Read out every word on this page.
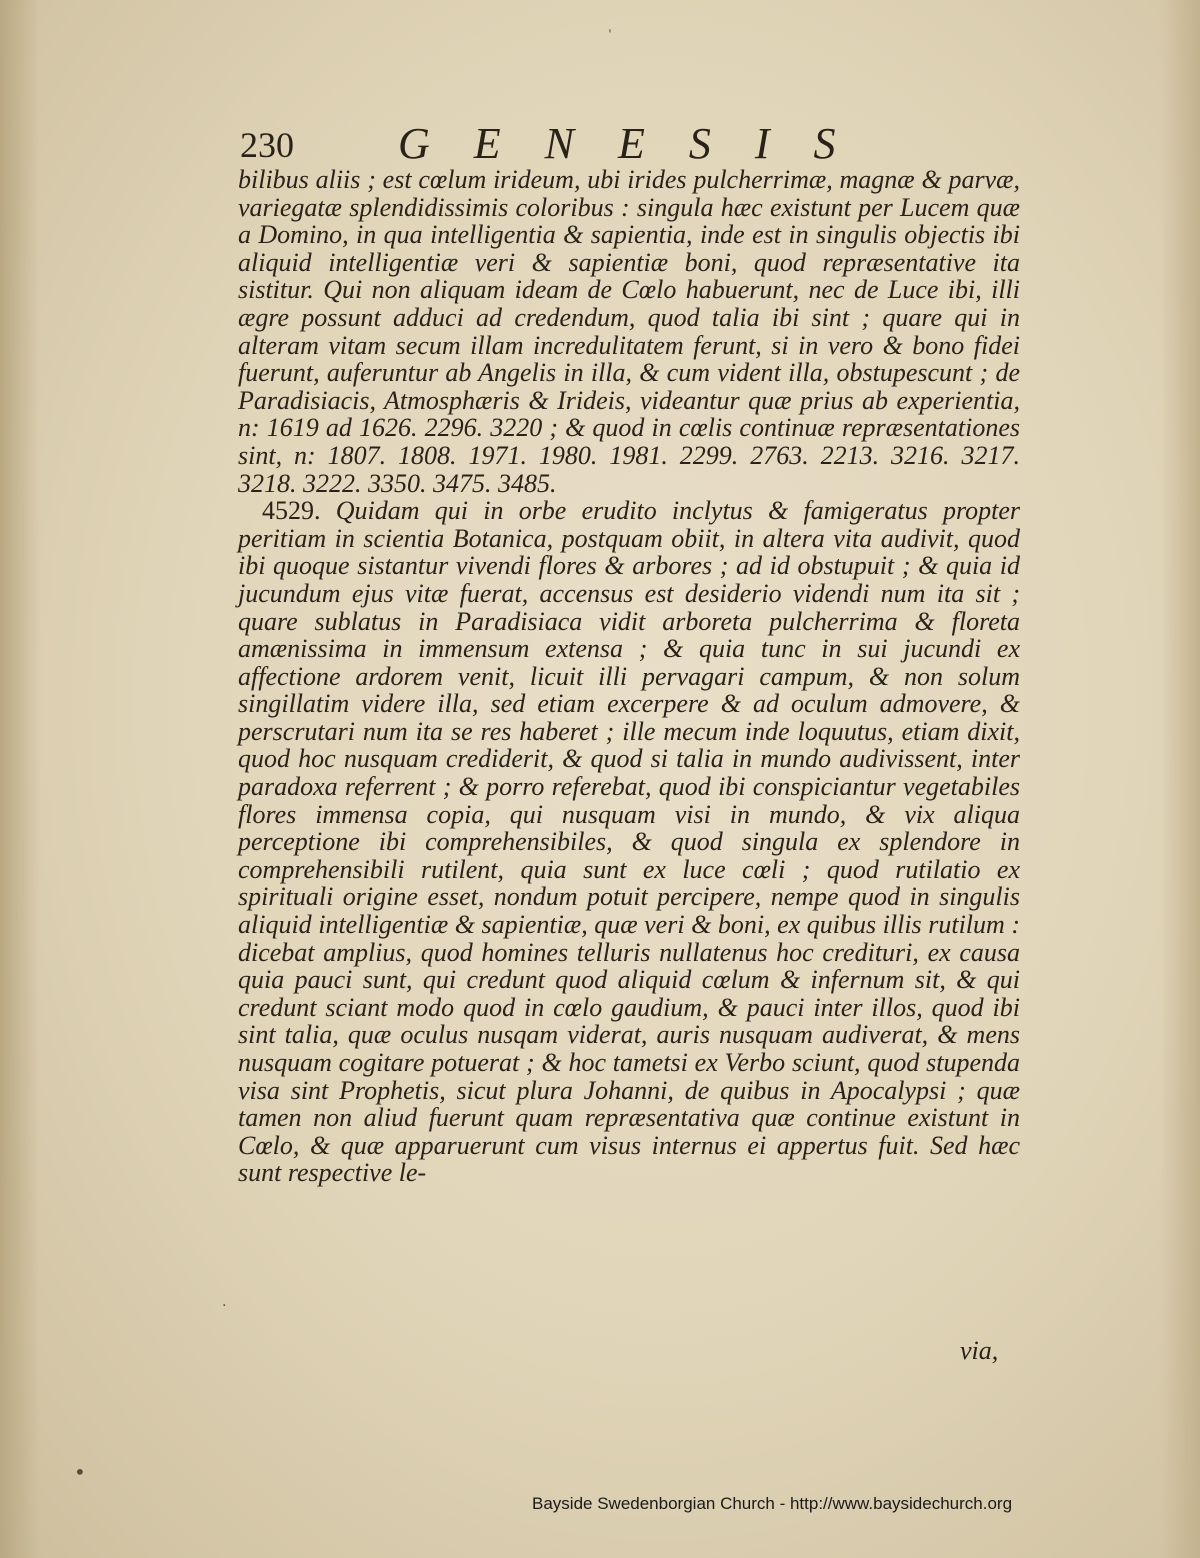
230 GENESIS

bilibus aliis ; est cœlum irideum, ubi irides pulcherrimæ, magnæ & parvæ, variegatæ splendidissimis coloribus : singula hæc existunt per Lucem quæ a Domino, in qua intelligentia & sapientia, inde est in singulis objectis ibi aliquid intelligentiæ veri & sapientiæ boni, quod repræsentative ita sistitur. Qui non aliquam ideam de Cœlo habuerunt, nec de Luce ibi, illi ægre possunt adduci ad credendum, quod talia ibi sint ; quare qui in alteram vitam secum illam incredulitatem ferunt, si in vero & bono fidei fuerunt, auferuntur ab Angelis in illa, & cum vident illa, obstupescunt ; de Paradisiacis, Atmosphæris & Irideis, videantur quæ prius ab experientia, n: 1619 ad 1626. 2296. 3220 ; & quod in cœlis continuæ repræsentationes sint, n: 1807. 1808. 1971. 1980. 1981. 2299. 2763. 2213. 3216. 3217. 3218. 3222. 3350. 3475. 3485.

4529. Quidam qui in orbe erudito inclytus & famigeratus propter peritiam in scientia Botanica, postquam obiit, in altera vita audivit, quod ibi quoque sistantur vivendi flores & arbores ; ad id obstupuit ; & quia id jucundum ejus vitæ fuerat, accensus est desiderio videndi num ita sit ; quare sublatus in Paradisiaca vidit arboreta pulcherrima & floreta amænissima in immensum extensa ; & quia tunc in sui jucundi ex affectione ardorem venit, licuit illi pervagari campum, & non solum singillatim videre illa, sed etiam excerpere & ad oculum admovere, & perscrutari num ita se res haberet ; ille mecum inde loquutus, etiam dixit, quod hoc nusquam crediderit, & quod si talia in mundo audivissent, inter paradoxa referrent ; & porro referebat, quod ibi conspiciantur vegetabiles flores immensa copia, qui nusquam visi in mundo, & vix aliqua perceptione ibi comprehensibiles, & quod singula ex splendore in comprehensibili rutilent, quia sunt ex luce cœli ; quod rutilatio ex spirituali origine esset, nondum potuit percipere, nempe quod in singulis aliquid intelligentiæ & sapientiæ, quæ veri & boni, ex quibus illis rutilum : dicebat amplius, quod homines telluris nullatenus hoc credituri, ex causa quia pauci sunt, qui credunt quod aliquid cœlum & infernum sit, & qui credunt sciant modo quod in cœlo gaudium, & pauci inter illos, quod ibi sint talia, quæ oculus nusqam viderat, auris nusquam audiverat, & mens nusquam cogitare potuerat ; & hoc tametsi ex Verbo sciunt, quod stupenda visa sint Prophetis, sicut plura Johanni, de quibus in Apocalypsi ; quæ tamen non aliud fuerunt quam repræsentativa quæ continue existunt in Cœlo, & quæ apparuerunt cum visus internus ei appertus fuit. Sed hæc sunt respective le-

via,
ˈ
·
•
Bayside Swedenborgian Church - http://www.baysidechurch.org
